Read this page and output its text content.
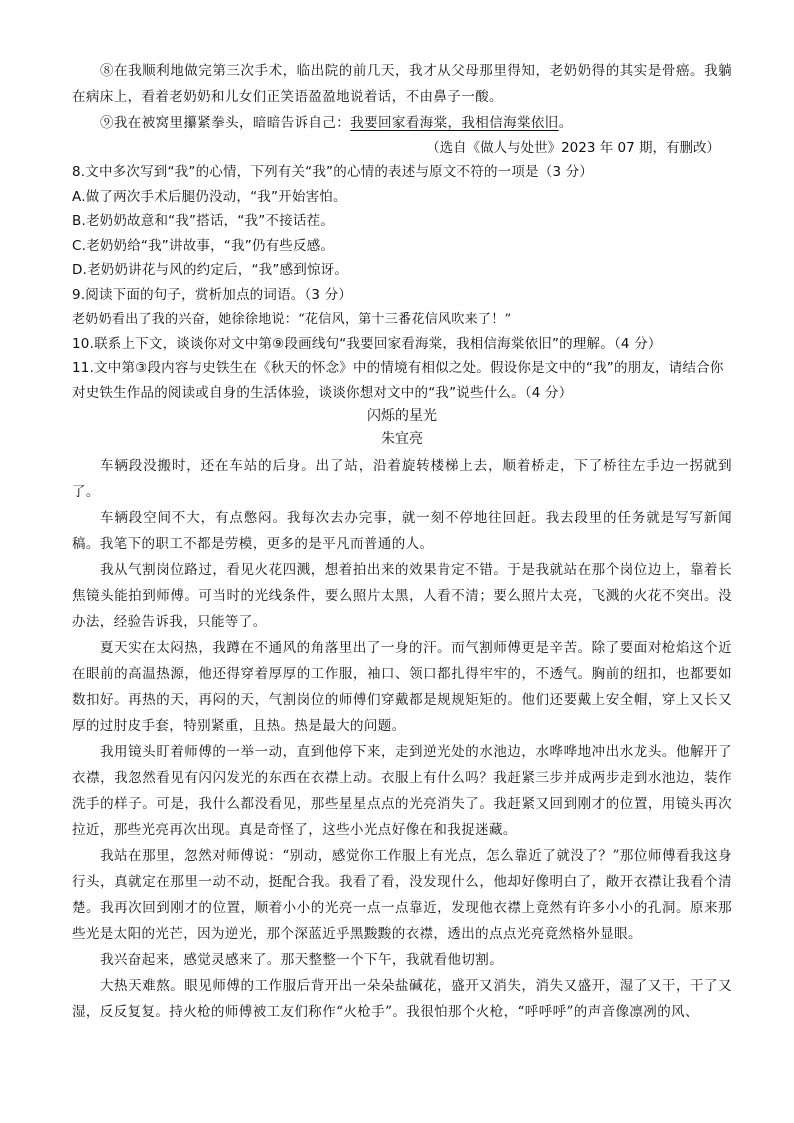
⑧在我顺利地做完第三次手术，临出院的前几天，我才从父母那里得知，老奶奶得的其实是骨癌。我躺在病床上，看着老奶奶和儿女们正笑语盈盈地说着话，不由鼻子一酸。

⑨我在被窝里攥紧拳头，暗暗告诉自己：我要回家看海棠，我相信海棠依旧。

（选自《做人与处世》2023 年 07 期，有删改）

8.文中多次写到“我”的心情，下列有关“我”的心情的表述与原文不符的一项是（3 分）

A.做了两次手术后腿仍没动，“我”开始害怕。

B.老奶奶故意和“我”搭话，“我”不接话茬。

C.老奶奶给“我”讲故事，“我”仍有些反感。

D.老奶奶讲花与风的约定后，“我”感到惊讶。

9.阅读下面的句子，赏析加点的词语。（3 分）

老奶奶看出了我的兴奋，她徐徐地说：“花信风，第十三番花信风吹来了！”

10.联系上下文，谈谈你对文中第⑨段画线句“我要回家看海棠，我相信海棠依旧”的理解。（4 分）

11.文中第③段内容与史铁生在《秋天的怀念》中的情境有相似之处。假设你是文中的“我”的朋友，请结合你对史铁生作品的阅读或自身的生活体验，谈谈你想对文中的“我”说些什么。（4 分）

闪烁的星光

朱宜亮

车辆段没搬时，还在车站的后身。出了站，沿着旋转楼梯上去，顺着桥走，下了桥往左手边一拐就到了。

车辆段空间不大，有点憋闷。我每次去办完事，就一刻不停地往回赶。我去段里的任务就是写写新闻稿。我笔下的职工不都是劳模，更多的是平凡而普通的人。

我从气割岗位路过，看见火花四溅，想着拍出来的效果肯定不错。于是我就站在那个岗位边上，靠着长焦镜头能拍到师傅。可当时的光线条件，要么照片太黑，人看不清；要么照片太亮，飞溅的火花不突出。没办法，经验告诉我，只能等了。

夏天实在太闷热，我蹲在不通风的角落里出了一身的汗。而气割师傅更是辛苦。除了要面对枪焰这个近在眼前的高温热源，他还得穿着厚厚的工作服，袖口、领口都扎得牢牢的，不透气。胸前的纽扣，也都要如数扣好。再热的天，再闷的天，气割岗位的师傅们穿戴都是规规矩矩的。他们还要戴上安全帽，穿上又长又厚的过肘皮手套，特别紧重，且热。热是最大的问题。

我用镜头盯着师傅的一举一动，直到他停下来，走到逆光处的水池边，水哗哗地冲出水龙头。他解开了衣襟，我忽然看见有闪闪发光的东西在衣襟上动。衣服上有什么吗？我赶紧三步并成两步走到水池边，装作洗手的样子。可是，我什么都没看见，那些星星点点的光亮消失了。我赶紧又回到刚才的位置，用镜头再次拉近，那些光亮再次出现。真是奇怪了，这些小光点好像在和我捉迷藏。

我站在那里，忽然对师傅说：“别动，感觉你工作服上有光点，怎么靠近了就没了？”那位师傅看我这身行头，真就定在那里一动不动，挺配合我。我看了看，没发现什么，他却好像明白了，敞开衣襟让我看个清楚。我再次回到刚才的位置，顺着小小的光亮一点一点靠近，发现他衣襟上竟然有许多小小的孔洞。原来那些光是太阳的光芒，因为逆光，那个深蓝近乎黑黢黢的衣襟，透出的点点光亮竟然格外显眼。

我兴奋起来，感觉灵感来了。那天整整一个下午，我就看他切割。

大热天难熬。眼见师傅的工作服后背开出一朵朵盐碱花，盛开又消失，消失又盛开，湿了又干，干了又湿，反反复复。持火枪的师傅被工友们称作“火枪手”。我很怕那个火枪，“呼呼呼”的声音像凛冽的风、
